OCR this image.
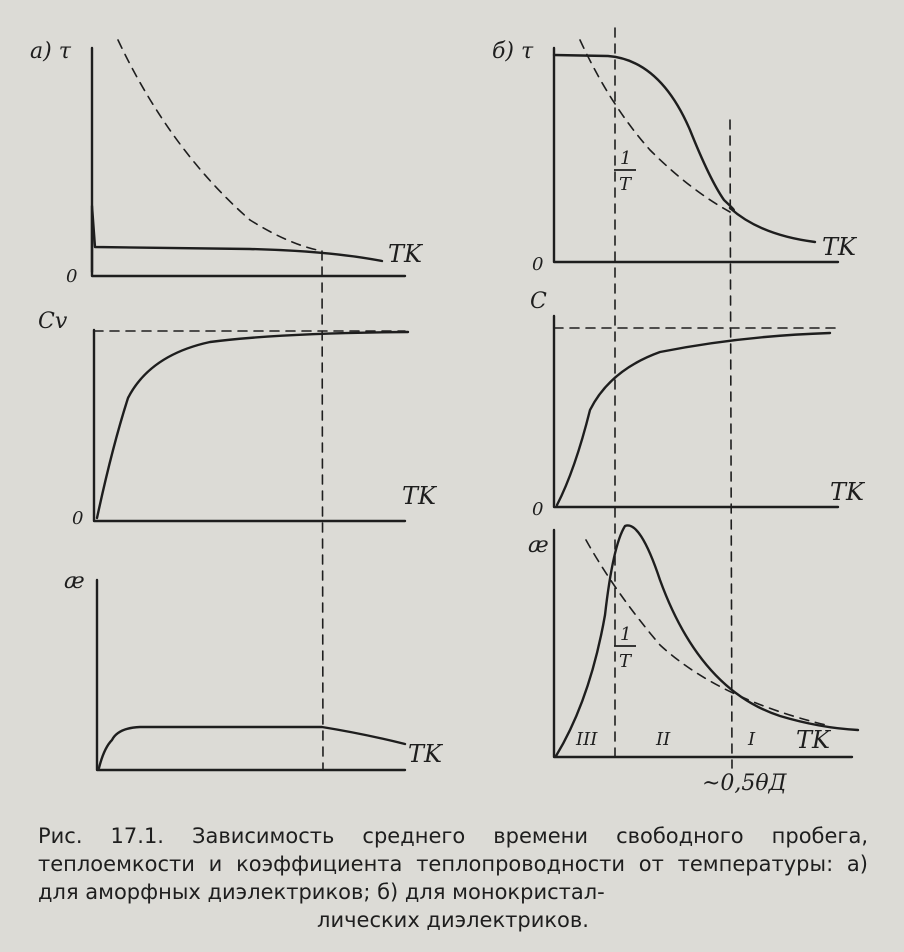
а) τ
0
TK
Cv
0
TK
æ
TK
б) τ
0
TK
1
T
C
0
TK
æ
1
T
III	II	I TK
~0,5θД
Рис. 17.1. Зависимость среднего времени свободного пробега, теплоемкости и коэффициента теплопроводности от температуры: а) для аморфных диэлектриков; б) для монокристал-
лических диэлектриков.
